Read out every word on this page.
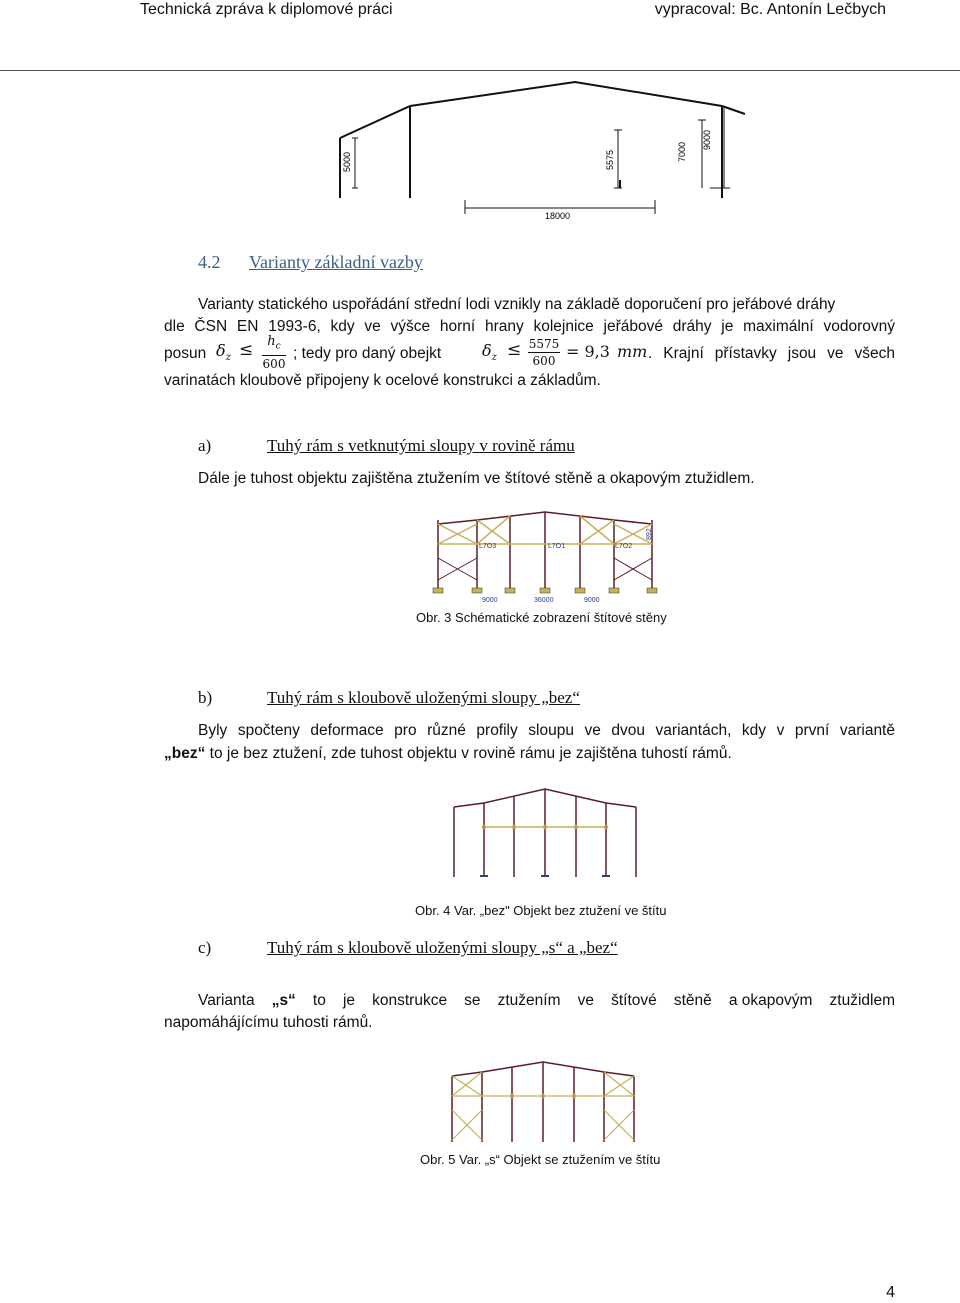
Technická zpráva k diplomové práci	vypracoval: Bc. Antonín Lečbych
5000	5575	7000
9000
18000
4.2 Varianty základní vazby
Varianty statického uspořádání střední lodi vznikly na základě doporučení pro jeřábové dráhy
dle ČSN EN 1993-6, kdy ve výšce horní hrany kolejnice jeřábové dráhy je maximální vodorovný
posun $\delta_z \le \frac{h_c}{600}$ ; tedy pro daný obejkt	$\delta_z \le \frac{5575}{600} = 9,3$ mm . Krajní přístavky jsou ve všech
varinatách kloubově připojeny k ocelové konstrukci a základům.
a)	Tuhý rám s vetknutými sloupy v rovině rámu
Dále je tuhost objektu zajištěna ztužením ve štítové stěně a okapovým ztužidlem.
L7O3	L7O1	L7O2
892
9000	36000	9000
Obr. 3 Schématické zobrazení štítové stěny
b)	Tuhý rám s kloubově uloženými sloupy „bez“
Byly spočteny deformace pro různé profily sloupu ve dvou variantách, kdy v první variantě
„bez“ to je bez ztužení, zde tuhost objektu v rovině rámu je zajištěna tuhostí rámů.
Obr. 4 Var. „bez" Objekt bez ztužení ve štítu
c)	Tuhý rám s kloubově uloženými sloupy „s“ a „bez“
Varianta „s“ to je konstrukce se ztužením ve štítové stěně a okapovým ztužidlem
napomáhájícímu tuhosti rámů.
Obr. 5 Var. „s“ Objekt se ztužením ve štítu
4
